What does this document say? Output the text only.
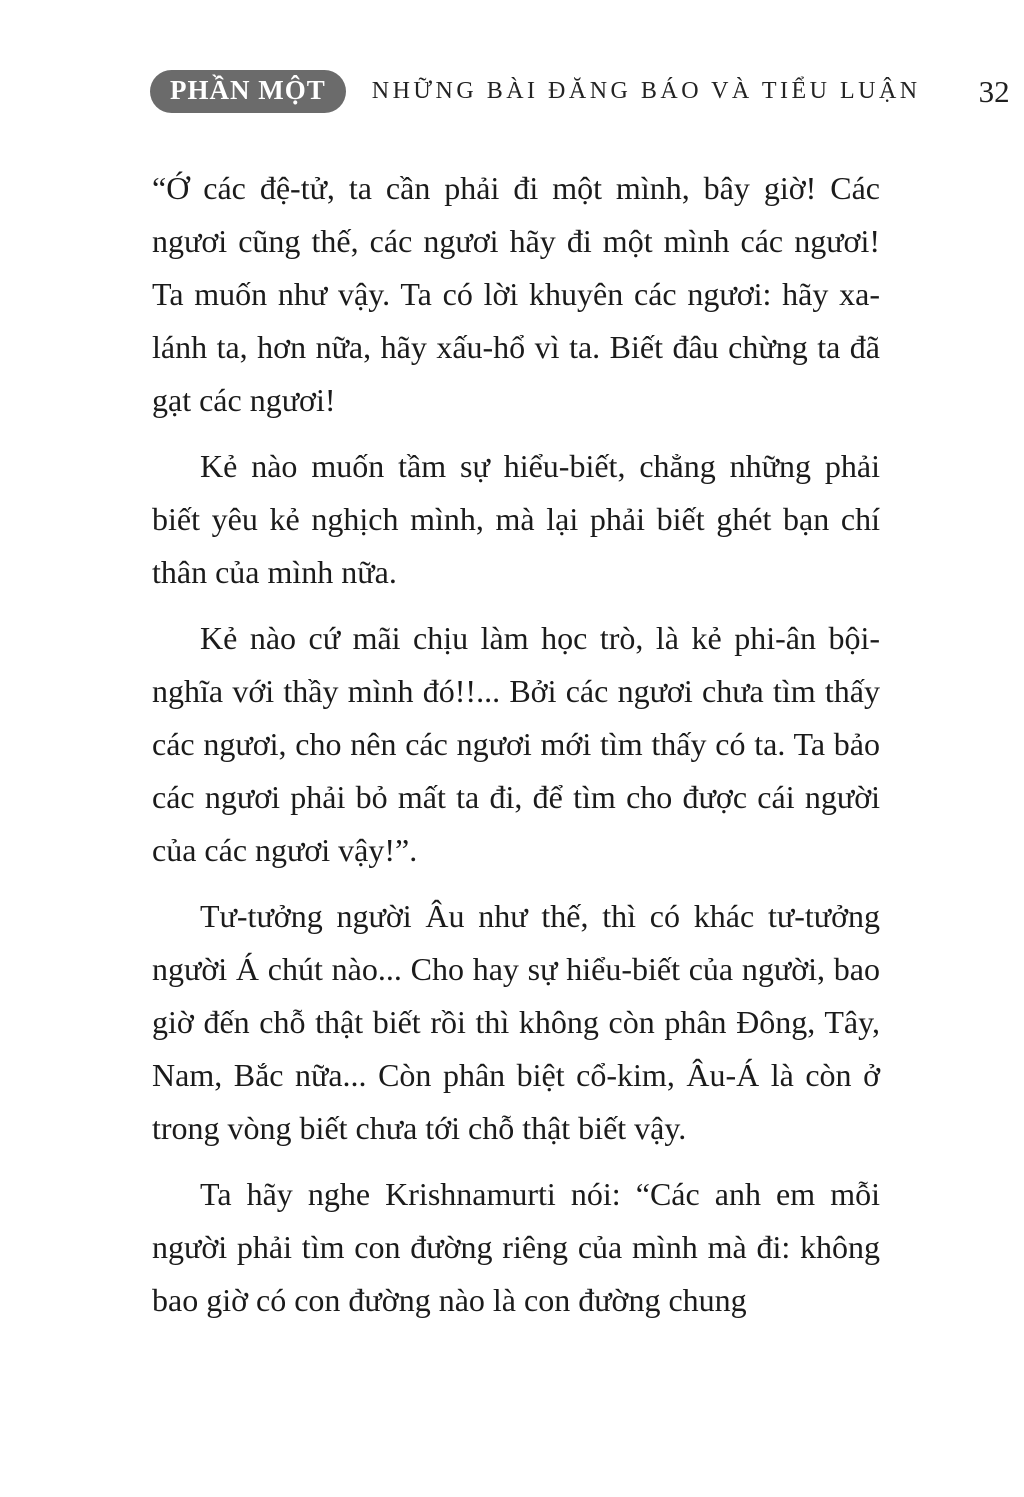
PHẦN MỘT	NHỮNG BÀI ĐĂNG BÁO VÀ TIỂU LUẬN 32

“Ớ các đệ-tử, ta cần phải đi một mình, bây giờ! Các ngươi cũng thế, các ngươi hãy đi một mình các ngươi! Ta muốn như vậy. Ta có lời khuyên các ngươi: hãy xa-lánh ta, hơn nữa, hãy xấu-hổ vì ta. Biết đâu chừng ta đã gạt các ngươi!

Kẻ nào muốn tầm sự hiểu-biết, chẳng những phải biết yêu kẻ nghịch mình, mà lại phải biết ghét bạn chí thân của mình nữa.

Kẻ nào cứ mãi chịu làm học trò, là kẻ phi-ân bội-nghĩa với thầy mình đó!!... Bởi các ngươi chưa tìm thấy các ngươi, cho nên các ngươi mới tìm thấy có ta. Ta bảo các ngươi phải bỏ mất ta đi, để tìm cho được cái người của các ngươi vậy!”.

Tư-tưởng người Âu như thế, thì có khác tư-tưởng người Á chút nào... Cho hay sự hiểu-biết của người, bao giờ đến chỗ thật biết rồi thì không còn phân Đông, Tây, Nam, Bắc nữa... Còn phân biệt cổ-kim, Âu-Á là còn ở trong vòng biết chưa tới chỗ thật biết vậy.

Ta hãy nghe Krishnamurti nói: “Các anh em mỗi người phải tìm con đường riêng của mình mà đi: không bao giờ có con đường nào là con đường chung
